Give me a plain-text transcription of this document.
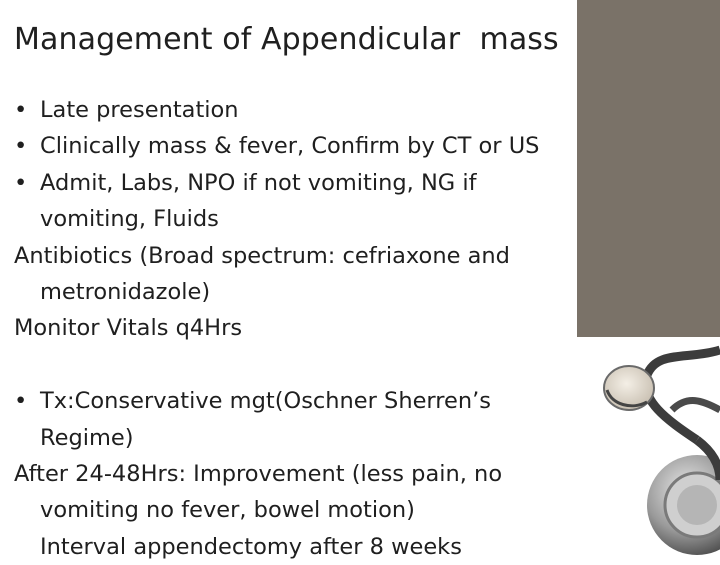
Management of Appendicular  mass
• Late presentation
• Clinically mass & fever, Confirm by CT or US
• Admit, Labs, NPO if not vomiting, NG if
vomiting, Fluids
Antibiotics (Broad spectrum: cefriaxone and
metronidazole)
Monitor Vitals q4Hrs
• Tx:Conservative mgt(Oschner Sherren’s
Regime)
After 24-48Hrs: Improvement (less pain, no
vomiting no fever, bowel motion)
Interval appendectomy after 8 weeks
